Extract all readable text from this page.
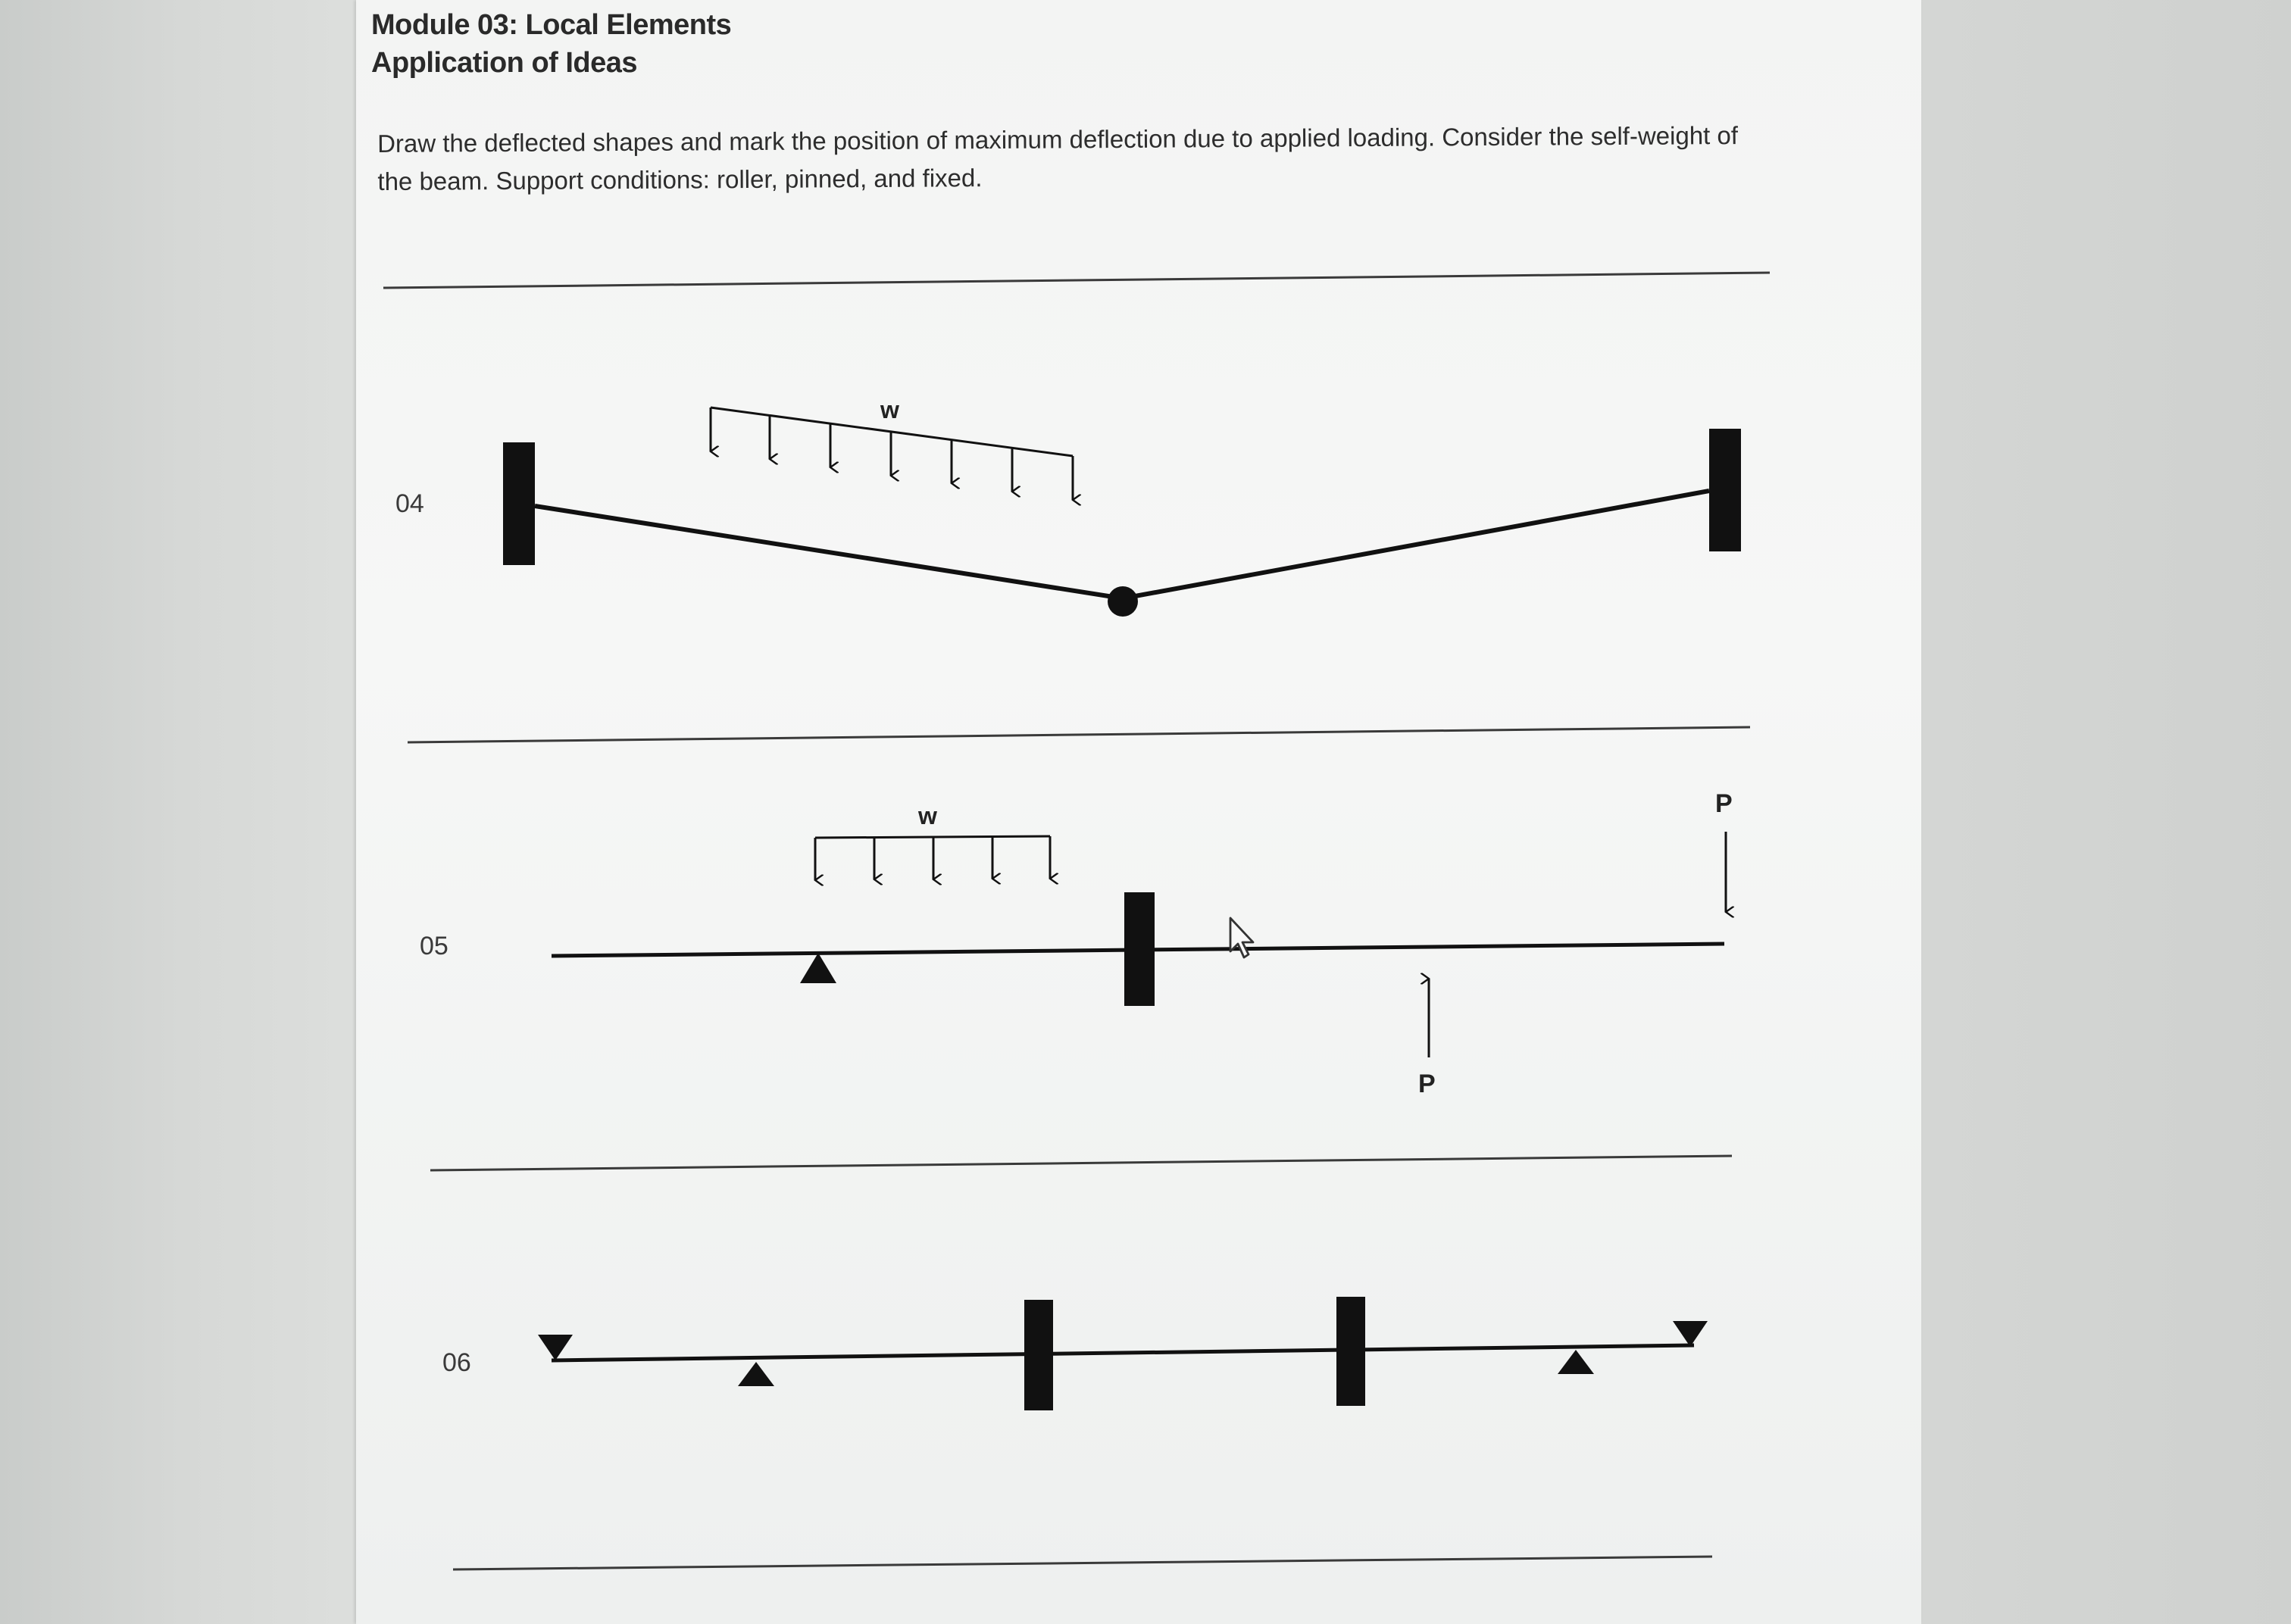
Module 03: Local Elements
Application of Ideas
Draw the deflected shapes and mark the position of maximum deflection due to applied loading. Consider the self-weight of the beam. Support conditions: roller, pinned, and fixed.
04
05
06
w
w	P
P
